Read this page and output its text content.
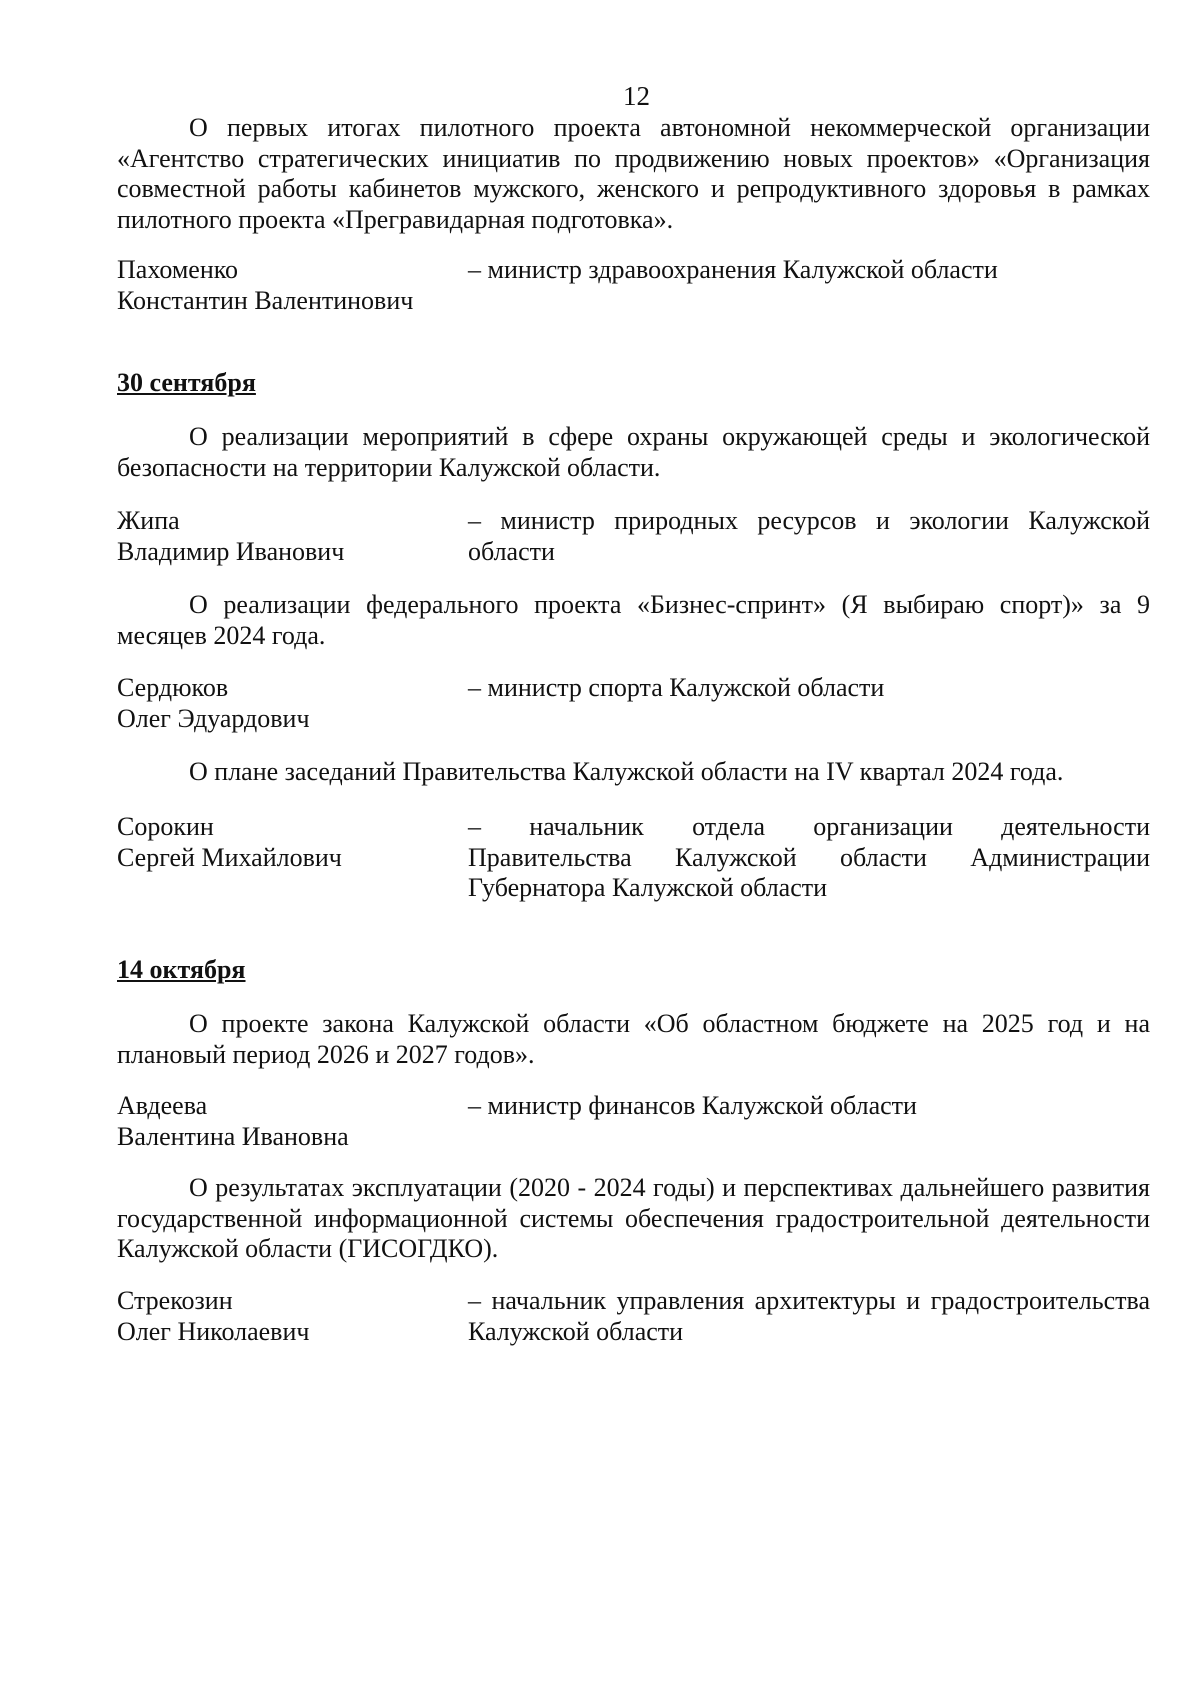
12
О первых итогах пилотного проекта автономной некоммерческой организации «Агентство стратегических инициатив по продвижению новых проектов» «Организация совместной работы кабинетов мужского, женского и репродуктивного здоровья в рамках пилотного проекта «Прегравидарная подготовка».
Пахоменко
Константин Валентинович
– министр здравоохранения Калужской области
30 сентября
О реализации мероприятий в сфере охраны окружающей среды и экологической безопасности на территории Калужской области.
Жипа
Владимир Иванович
– министр природных ресурсов и экологии Калужской области
О реализации федерального проекта «Бизнес-спринт» (Я выбираю спорт)» за 9 месяцев 2024 года.
Сердюков
Олег Эдуардович
– министр спорта Калужской области
О плане заседаний Правительства Калужской области на IV квартал 2024 года.
Сорокин
Сергей Михайлович
– начальник отдела организации деятельности
Правительства Калужской области Администрации
Губернатора Калужской области
14 октября
О проекте закона Калужской области «Об областном бюджете на 2025 год и на плановый период 2026 и 2027 годов».
Авдеева
Валентина Ивановна
– министр финансов Калужской области
О результатах эксплуатации (2020 - 2024 годы) и перспективах дальнейшего развития государственной информационной системы обеспечения градостроительной деятельности Калужской области (ГИСОГДКО).
Стрекозин
Олег Николаевич
– начальник управления архитектуры и градостроительства Калужской области
